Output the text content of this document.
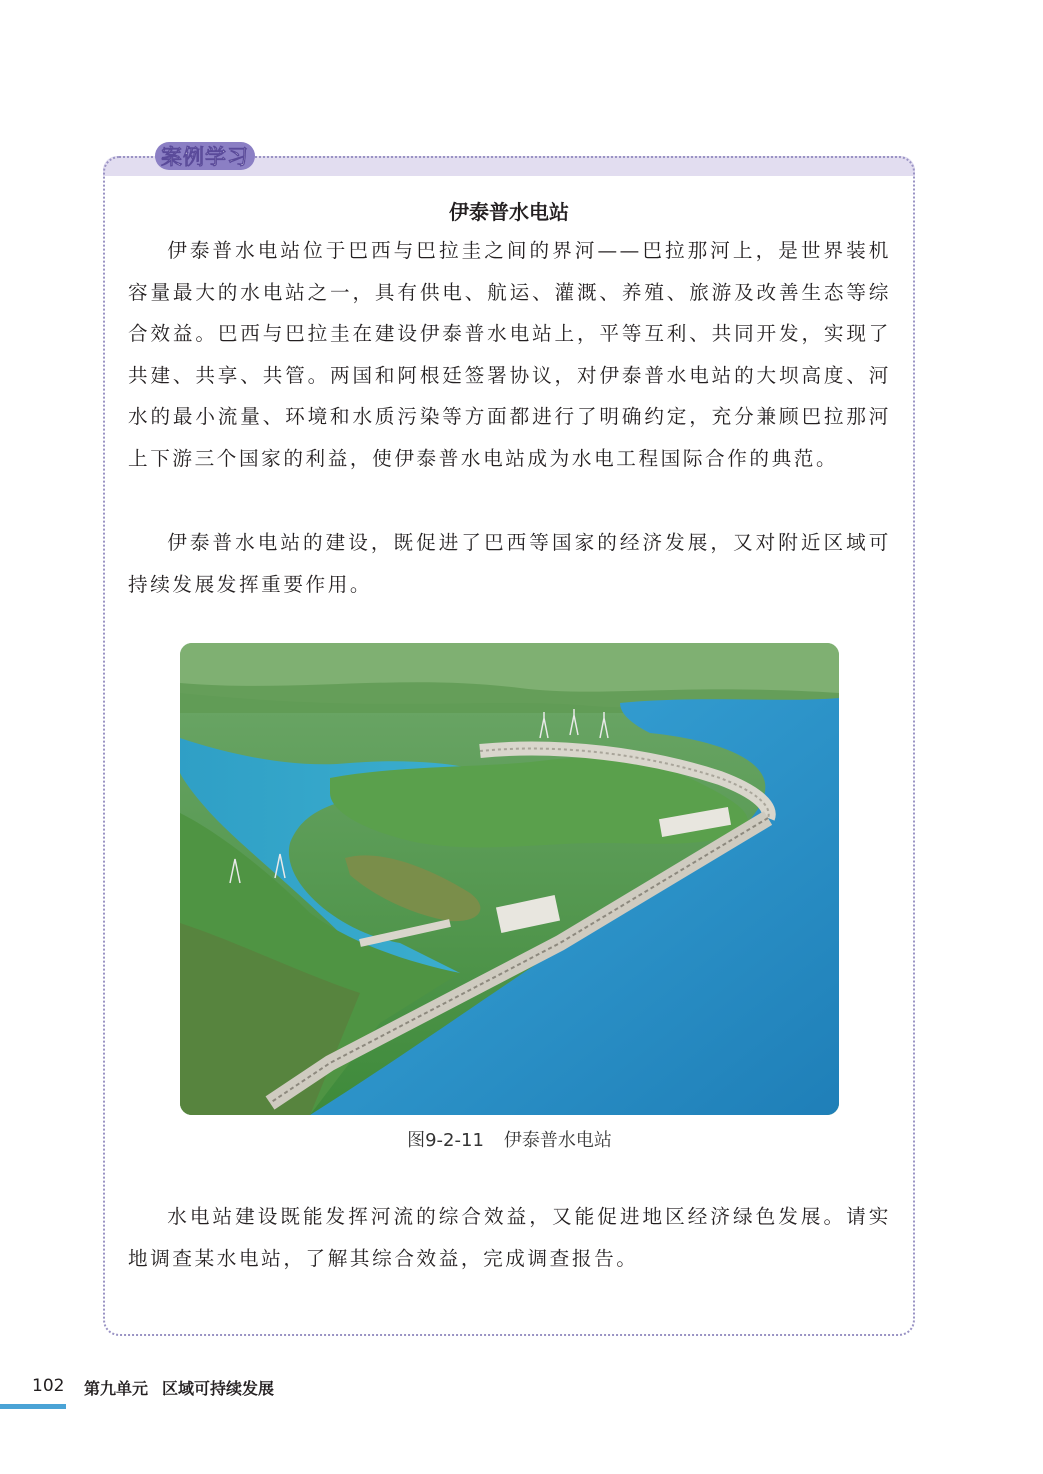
案例学习
伊泰普水电站

伊泰普水电站位于巴西与巴拉圭之间的界河——巴拉那河上，是世界装机容量最大的水电站之一，具有供电、航运、灌溉、养殖、旅游及改善生态等综合效益。巴西与巴拉圭在建设伊泰普水电站上，平等互利、共同开发，实现了共建、共享、共管。两国和阿根廷签署协议，对伊泰普水电站的大坝高度、河水的最小流量、环境和水质污染等方面都进行了明确约定，充分兼顾巴拉那河上下游三个国家的利益，使伊泰普水电站成为水电工程国际合作的典范。

伊泰普水电站的建设，既促进了巴西等国家的经济发展，又对附近区域可持续发展发挥重要作用。

图9-2-11 伊泰普水电站

水电站建设既能发挥河流的综合效益，又能促进地区经济绿色发展。请实地调查某水电站，了解其综合效益，完成调查报告。

102 第九单元 区域可持续发展
